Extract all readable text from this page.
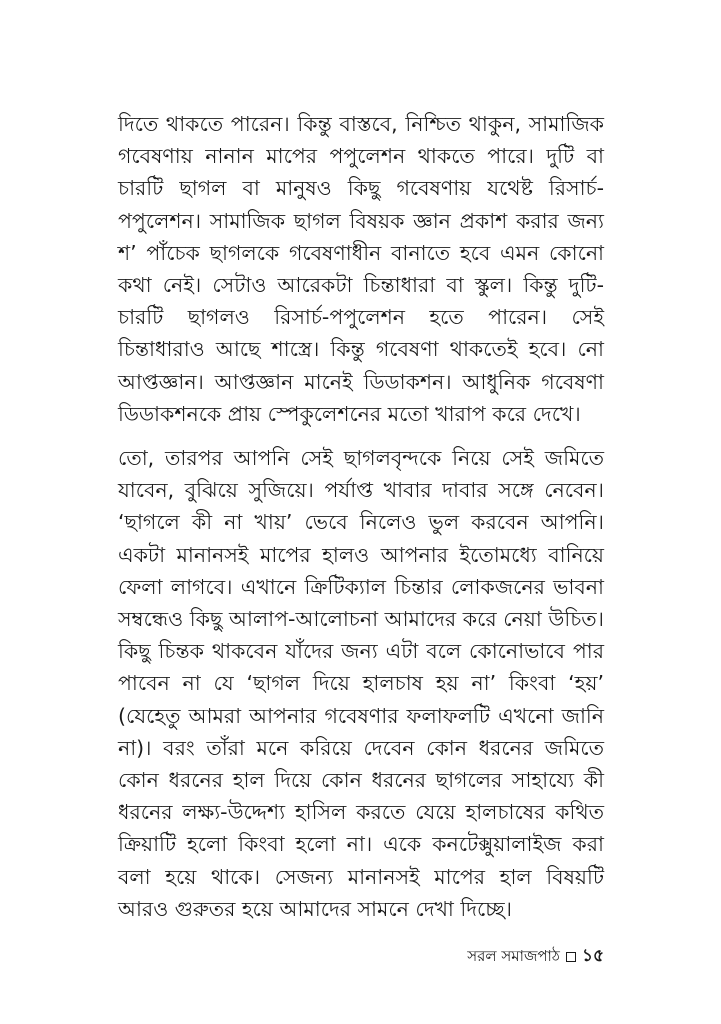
দিতে থাকতে পারেন। কিন্তু বাস্তবে, নিশ্চিত থাকুন, সামাজিক গবেষণায় নানান মাপের পপুলেশন থাকতে পারে। দুটি বা চারটি ছাগল বা মানুষও কিছু গবেষণায় যথেষ্ট রিসার্চ-পপুলেশন। সামাজিক ছাগল বিষয়ক জ্ঞান প্রকাশ করার জন্য শ’ পাঁচেক ছাগলকে গবেষণাধীন বানাতে হবে এমন কোনো কথা নেই। সেটাও আরেকটা চিন্তাধারা বা স্কুল। কিন্তু দুটি-চারটি ছাগলও রিসার্চ-পপুলেশন হতে পারেন। সেই চিন্তাধারাও আছে শাস্ত্রে। কিন্তু গবেষণা থাকতেই হবে। নো আপ্তজ্ঞান। আপ্তজ্ঞান মানেই ডিডাকশন। আধুনিক গবেষণা ডিডাকশনকে প্রায় স্পেকুলেশনের মতো খারাপ করে দেখে।

তো, তারপর আপনি সেই ছাগলবৃন্দকে নিয়ে সেই জমিতে যাবেন, বুঝিয়ে সুজিয়ে। পর্যাপ্ত খাবার দাবার সঙ্গে নেবেন। ‘ছাগলে কী না খায়’ ভেবে নিলেও ভুল করবেন আপনি। একটা মানানসই মাপের হালও আপনার ইতোমধ্যে বানিয়ে ফেলা লাগবে। এখানে ক্রিটিক্যাল চিন্তার লোকজনের ভাবনা সম্বন্ধেও কিছু আলাপ-আলোচনা আমাদের করে নেয়া উচিত। কিছু চিন্তক থাকবেন যাঁদের জন্য এটা বলে কোনোভাবে পার পাবেন না যে ‘ছাগল দিয়ে হালচাষ হয় না’ কিংবা ‘হয়’ (যেহেতু আমরা আপনার গবেষণার ফলাফলটি এখনো জানি না)। বরং তাঁরা মনে করিয়ে দেবেন কোন ধরনের জমিতে কোন ধরনের হাল দিয়ে কোন ধরনের ছাগলের সাহায্যে কী ধরনের লক্ষ্য-উদ্দেশ্য হাসিল করতে যেয়ে হালচাষের কথিত ক্রিয়াটি হলো কিংবা হলো না। একে কনটেক্সুয়ালাইজ করা বলা হয়ে থাকে। সেজন্য মানানসই মাপের হাল বিষয়টি আরও গুরুতর হয়ে আমাদের সামনে দেখা দিচ্ছে।

সরল সমাজপাঠ ১৫
